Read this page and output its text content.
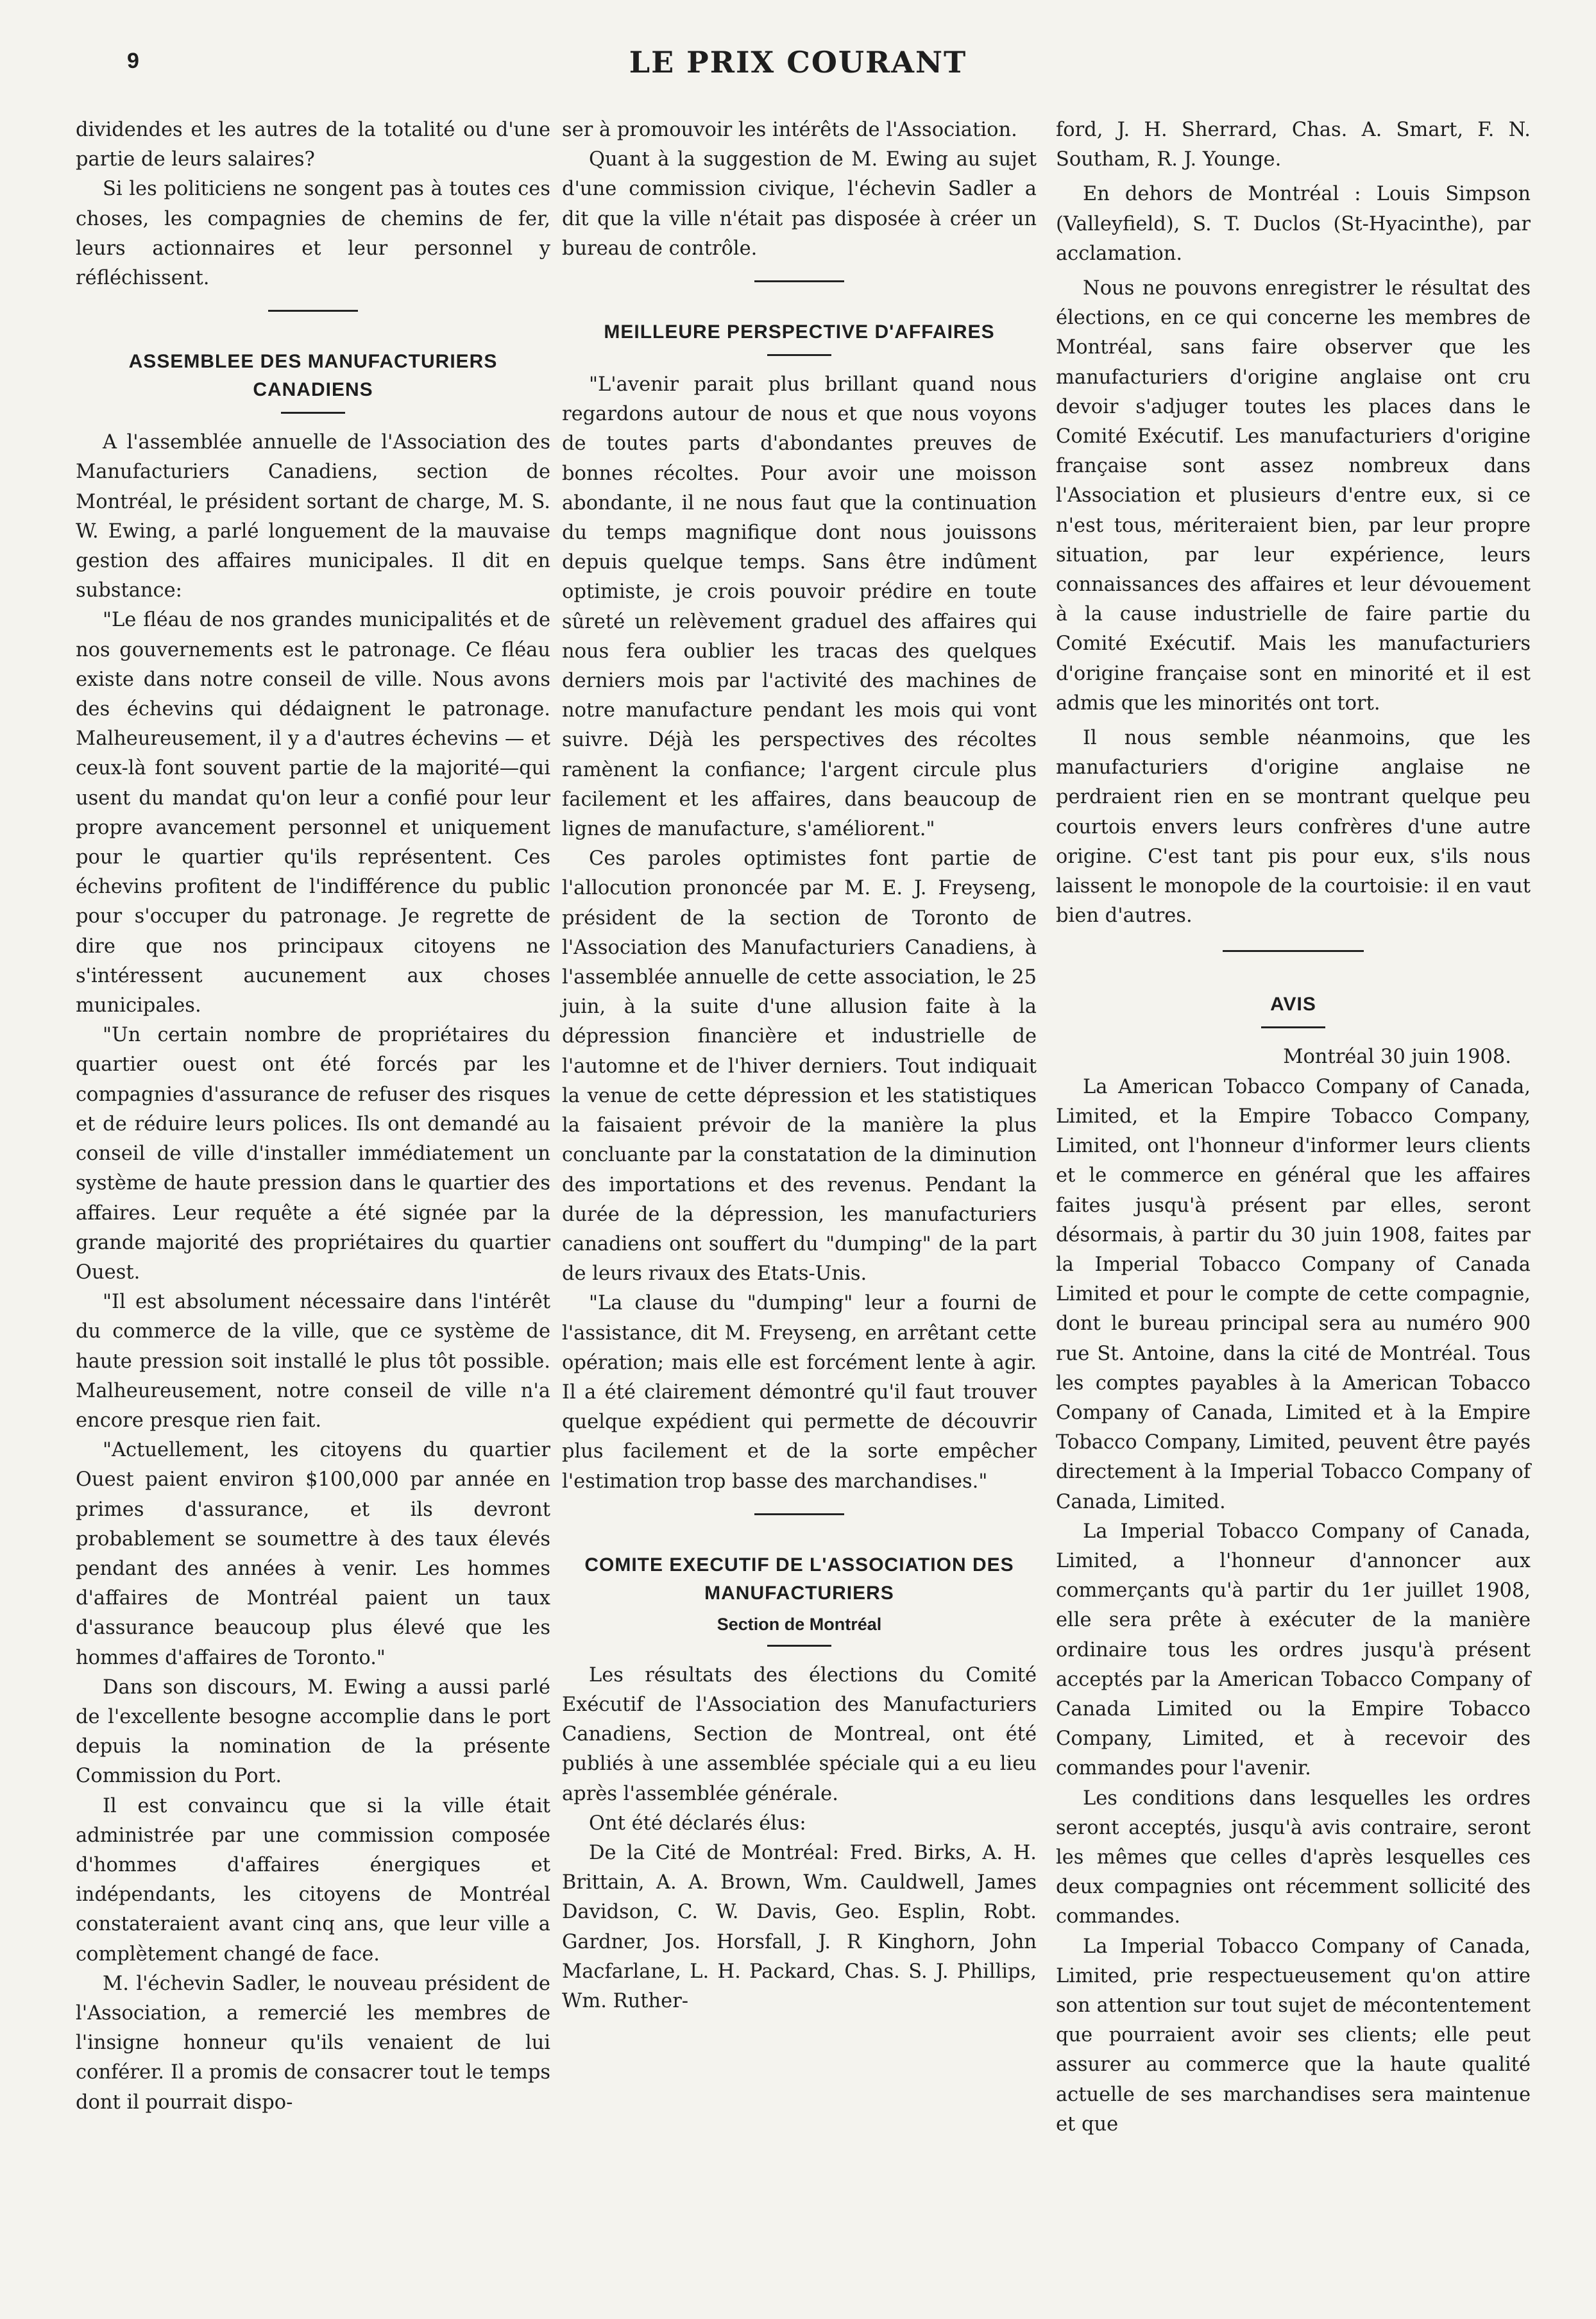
9	LE PRIX COURANT

dividendes et les autres de la totalité ou d'une partie de leurs salaires?

Si les politiciens ne songent pas à toutes ces choses, les compagnies de chemins de fer, leurs actionnaires et leur personnel y réfléchissent.

ASSEMBLEE DES MANUFACTURIERS CANADIENS

A l'assemblée annuelle de l'Association des Manufacturiers Canadiens, section de Montréal, le président sortant de charge, M. S. W. Ewing, a parlé longuement de la mauvaise gestion des affaires municipales. Il dit en substance:

"Le fléau de nos grandes municipalités et de nos gouvernements est le patronage. Ce fléau existe dans notre conseil de ville. Nous avons des échevins qui dédaignent le patronage. Malheureusement, il y a d'autres échevins — et ceux-là font souvent partie de la majorité—qui usent du mandat qu'on leur a confié pour leur propre avancement personnel et uniquement pour le quartier qu'ils représentent. Ces échevins profitent de l'indifférence du public pour s'occuper du patronage. Je regrette de dire que nos principaux citoyens ne s'intéressent aucunement aux choses municipales.

"Un certain nombre de propriétaires du quartier ouest ont été forcés par les compagnies d'assurance de refuser des risques et de réduire leurs polices. Ils ont demandé au conseil de ville d'installer immédiatement un système de haute pression dans le quartier des affaires. Leur requête a été signée par la grande majorité des propriétaires du quartier Ouest.

"Il est absolument nécessaire dans l'intérêt du commerce de la ville, que ce système de haute pression soit installé le plus tôt possible. Malheureusement, notre conseil de ville n'a encore presque rien fait.

"Actuellement, les citoyens du quartier Ouest paient environ $100,000 par année en primes d'assurance, et ils devront probablement se soumettre à des taux élevés pendant des années à venir. Les hommes d'affaires de Montréal paient un taux d'assurance beaucoup plus élevé que les hommes d'affaires de Toronto."

Dans son discours, M. Ewing a aussi parlé de l'excellente besogne accomplie dans le port depuis la nomination de la présente Commission du Port.

Il est convaincu que si la ville était administrée par une commission composée d'hommes d'affaires énergiques et indépendants, les citoyens de Montréal constateraient avant cinq ans, que leur ville a complètement changé de face.

M. l'échevin Sadler, le nouveau président de l'Association, a remercié les membres de l'insigne honneur qu'ils venaient de lui conférer. Il a promis de consacrer tout le temps dont il pourrait dispo-

ser à promouvoir les intérêts de l'Association.

Quant à la suggestion de M. Ewing au sujet d'une commission civique, l'échevin Sadler a dit que la ville n'était pas disposée à créer un bureau de contrôle.

MEILLEURE PERSPECTIVE D'AFFAIRES

"L'avenir parait plus brillant quand nous regardons autour de nous et que nous voyons de toutes parts d'abondantes preuves de bonnes récoltes. Pour avoir une moisson abondante, il ne nous faut que la continuation du temps magnifique dont nous jouissons depuis quelque temps. Sans être indûment optimiste, je crois pouvoir prédire en toute sûreté un relèvement graduel des affaires qui nous fera oublier les tracas des quelques derniers mois par l'activité des machines de notre manufacture pendant les mois qui vont suivre. Déjà les perspectives des récoltes ramènent la confiance; l'argent circule plus facilement et les affaires, dans beaucoup de lignes de manufacture, s'améliorent."

Ces paroles optimistes font partie de l'allocution prononcée par M. E. J. Freyseng, président de la section de Toronto de l'Association des Manufacturiers Canadiens, à l'assemblée annuelle de cette association, le 25 juin, à la suite d'une allusion faite à la dépression financière et industrielle de l'automne et de l'hiver derniers. Tout indiquait la venue de cette dépression et les statistiques la faisaient prévoir de la manière la plus concluante par la constatation de la diminution des importations et des revenus. Pendant la durée de la dépression, les manufacturiers canadiens ont souffert du "dumping" de la part de leurs rivaux des Etats-Unis.

"La clause du "dumping" leur a fourni de l'assistance, dit M. Freyseng, en arrêtant cette opération; mais elle est forcément lente à agir. Il a été clairement démontré qu'il faut trouver quelque expédient qui permette de découvrir plus facilement et de la sorte empêcher l'estimation trop basse des marchandises."

COMITE EXECUTIF DE L'ASSOCIATION DES MANUFACTURIERS
Section de Montréal

Les résultats des élections du Comité Exécutif de l'Association des Manufacturiers Canadiens, Section de Montreal, ont été publiés à une assemblée spéciale qui a eu lieu après l'assemblée générale.

Ont été déclarés élus:

De la Cité de Montréal: Fred. Birks, A. H. Brittain, A. A. Brown, Wm. Cauldwell, James Davidson, C. W. Davis, Geo. Esplin, Robt. Gardner, Jos. Horsfall, J. R Kinghorn, John Macfarlane, L. H. Packard, Chas. S. J. Phillips, Wm. Ruther-

ford, J. H. Sherrard, Chas. A. Smart, F. N. Southam, R. J. Younge.

En dehors de Montréal : Louis Simpson (Valleyfield), S. T. Duclos (St-Hyacinthe), par acclamation.

Nous ne pouvons enregistrer le résultat des élections, en ce qui concerne les membres de Montréal, sans faire observer que les manufacturiers d'origine anglaise ont cru devoir s'adjuger toutes les places dans le Comité Exécutif. Les manufacturiers d'origine française sont assez nombreux dans l'Association et plusieurs d'entre eux, si ce n'est tous, mériteraient bien, par leur propre situation, par leur expérience, leurs connaissances des affaires et leur dévouement à la cause industrielle de faire partie du Comité Exécutif. Mais les manufacturiers d'origine française sont en minorité et il est admis que les minorités ont tort.

Il nous semble néanmoins, que les manufacturiers d'origine anglaise ne perdraient rien en se montrant quelque peu courtois envers leurs confrères d'une autre origine. C'est tant pis pour eux, s'ils nous laissent le monopole de la courtoisie: il en vaut bien d'autres.

AVIS

Montréal 30 juin 1908.

La American Tobacco Company of Canada, Limited, et la Empire Tobacco Company, Limited, ont l'honneur d'informer leurs clients et le commerce en général que les affaires faites jusqu'à présent par elles, seront désormais, à partir du 30 juin 1908, faites par la Imperial Tobacco Company of Canada Limited et pour le compte de cette compagnie, dont le bureau principal sera au numéro 900 rue St. Antoine, dans la cité de Montréal. Tous les comptes payables à la American Tobacco Company of Canada, Limited et à la Empire Tobacco Company, Limited, peuvent être payés directement à la Imperial Tobacco Company of Canada, Limited.

La Imperial Tobacco Company of Canada, Limited, a l'honneur d'annoncer aux commerçants qu'à partir du 1er juillet 1908, elle sera prête à exécuter de la manière ordinaire tous les ordres jusqu'à présent acceptés par la American Tobacco Company of Canada Limited ou la Empire Tobacco Company, Limited, et à recevoir des commandes pour l'avenir.

Les conditions dans lesquelles les ordres seront acceptés, jusqu'à avis contraire, seront les mêmes que celles d'après lesquelles ces deux compagnies ont récemment sollicité des commandes.

La Imperial Tobacco Company of Canada, Limited, prie respectueusement qu'on attire son attention sur tout sujet de mécontentement que pourraient avoir ses clients; elle peut assurer au commerce que la haute qualité actuelle de ses marchandises sera maintenue et que
